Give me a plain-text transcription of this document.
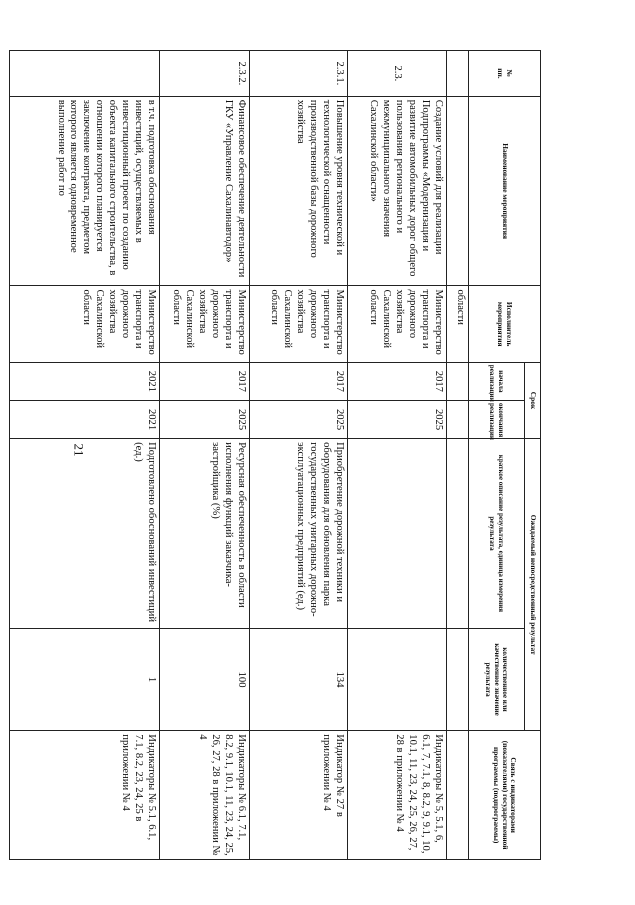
21
№
пп.	Наименование мероприятия	Исполнитель мероприятия	Срок		Ожидаемый непосредственный результат		Связь с индикаторами (показателями) государственной программы (подпрограммы)
			начала реализации	окончания реализации	краткое описание результата, единица измерения результата	количественное или качественное значение результата	
		области					
2.3.	Создание условий для реализации Подпрограммы «Модернизация и развитие автомобильных дорог общего пользования регионального и межмуниципального значения Сахалинской области»	Министерство транспорта и дорожного хозяйства Сахалинской области	2017	2025			Индикаторы № 5, 5.1, 6, 6.1, 7, 7.1, 8, 8.2, 9, 9.1, 10, 10.1, 11, 23, 24, 25, 26, 27, 28 в приложении № 4
2.3.1.	Повышение уровня технической и технологической оснащенности производственной базы дорожного хозяйства	Министерство транспорта и дорожного хозяйства Сахалинской области	2017	2025	Приобретение дорожной техники и оборудования для обновления парка государственных унитарных дорожно-эксплуатационных предприятий (ед.)	134	Индикатор № 27 в приложении № 4
2.3.2.	Финансовое обеспечение деятельности ГКУ «Управление Сахалинавтодор»	Министерство транспорта и дорожного хозяйства Сахалинской области	2017	2025	Ресурсная обеспеченность в области исполнения функций заказчика-застройщика (%)	100	Индикаторы № 6.1, 7.1, 8.2, 9.1, 10.1, 11, 23, 24, 25, 26, 27, 28 в приложении № 4
	в т.ч. подготовка обоснования инвестиций, осуществляемых в инвестиционный проект по созданию объекта капитального строительства, в отношении которого планируется заключение контракта, предметом которого является одновременное выполнение работ по	Министерство транспорта и дорожного хозяйства Сахалинской области	2021	2021	Подготовлено обоснований инвестиций (ед.)	1	Индикаторы № 5.1, 6.1, 7.1, 8.2, 23, 24, 25 в приложении № 4
